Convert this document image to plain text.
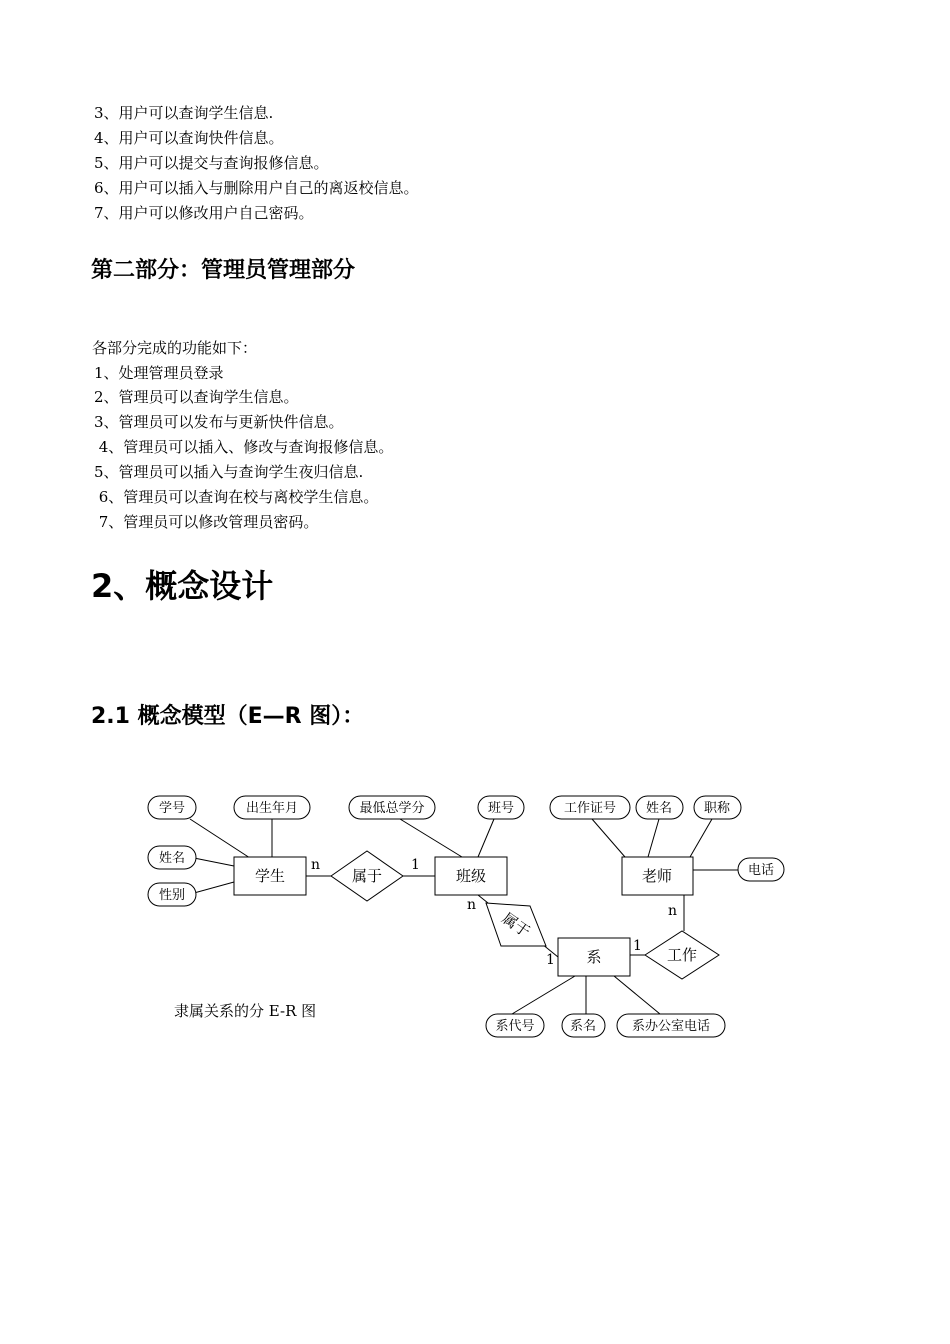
3、用户可以查询学生信息.
4、用户可以查询快件信息。
5、用户可以提交与查询报修信息。
6、用户可以插入与删除用户自己的离返校信息。
7、用户可以修改用户自己密码。
第二部分：管理员管理部分
各部分完成的功能如下：
1、处理管理员登录
2、管理员可以查询学生信息。
3、管理员可以发布与更新快件信息。
4、管理员可以插入、修改与查询报修信息。
5、管理员可以插入与查询学生夜归信息.
6、管理员可以查询在校与离校学生信息。
7、管理员可以修改管理员密码。
2、概念设计
2.1 概念模型（E—R 图）：
学生	班级	老师
系
属于
属于
工作
学号	出生年月
姓名
性别
最低总学分	班号	工作证号 姓名 职称
电话
系代号	系名	系办公室电话
n	1
n
1
n
1
隶属关系的分 E-R 图
